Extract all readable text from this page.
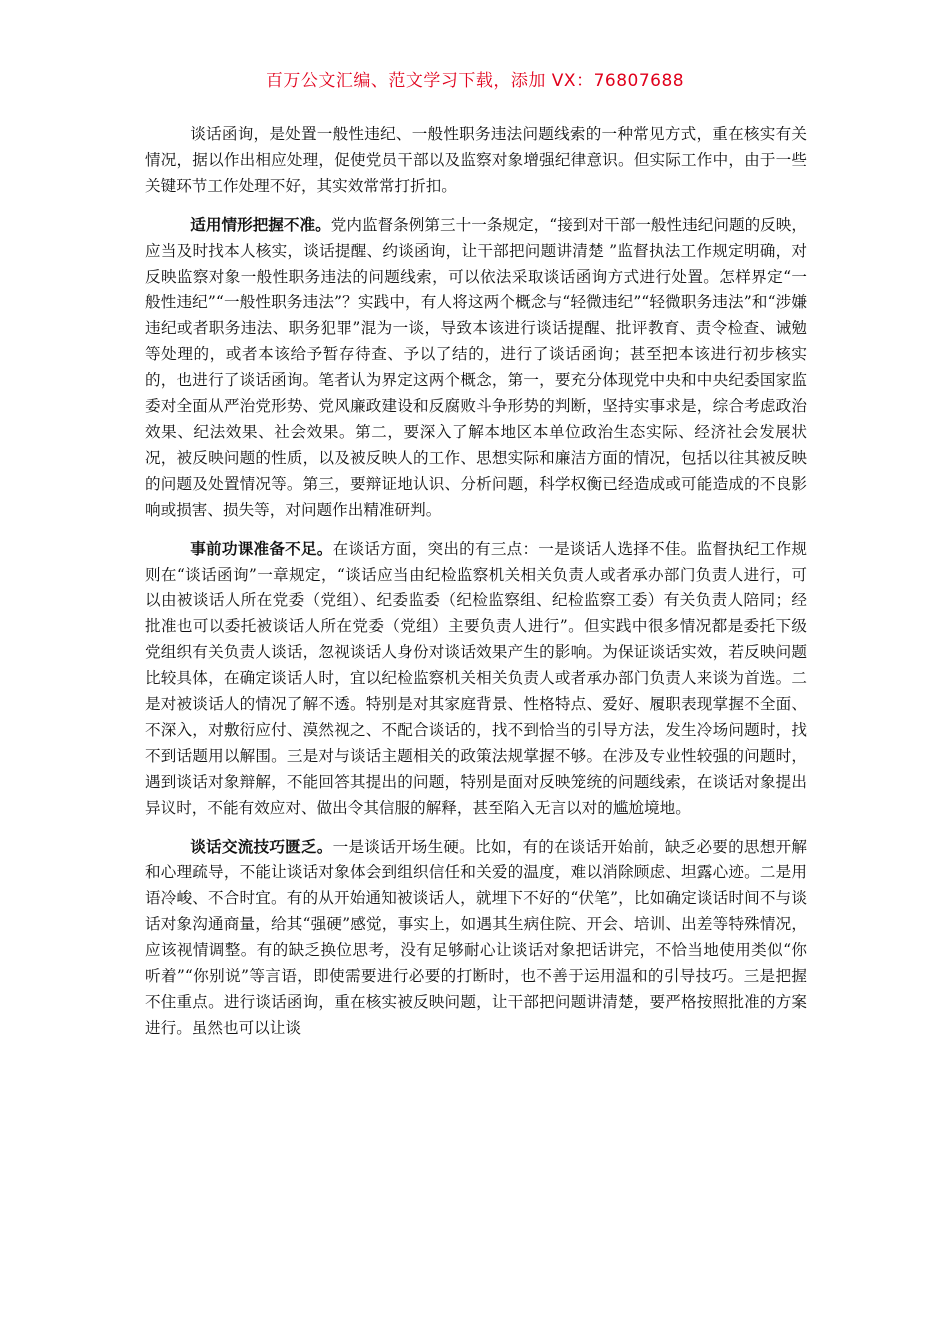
百万公文汇编、范文学习下载，添加 VX：76807688

谈话函询，是处置一般性违纪、一般性职务违法问题线索的一种常见方式，重在核实有关情况，据以作出相应处理，促使党员干部以及监察对象增强纪律意识。但实际工作中，由于一些关键环节工作处理不好，其实效常常打折扣。

适用情形把握不准。党内监督条例第三十一条规定，“接到对干部一般性违纪问题的反映，应当及时找本人核实，谈话提醒、约谈函询，让干部把问题讲清楚 ”监督执法工作规定明确，对反映监察对象一般性职务违法的问题线索，可以依法采取谈话函询方式进行处置。怎样界定“一般性违纪”“一般性职务违法”？实践中，有人将这两个概念与“轻微违纪”“轻微职务违法”和“涉嫌违纪或者职务违法、职务犯罪”混为一谈，导致本该进行谈话提醒、批评教育、责令检查、诫勉等处理的，或者本该给予暂存待查、予以了结的，进行了谈话函询；甚至把本该进行初步核实的，也进行了谈话函询。笔者认为界定这两个概念，第一，要充分体现党中央和中央纪委国家监委对全面从严治党形势、党风廉政建设和反腐败斗争形势的判断，坚持实事求是，综合考虑政治效果、纪法效果、社会效果。第二，要深入了解本地区本单位政治生态实际、经济社会发展状况，被反映问题的性质，以及被反映人的工作、思想实际和廉洁方面的情况，包括以往其被反映的问题及处置情况等。第三，要辩证地认识、分析问题，科学权衡已经造成或可能造成的不良影响或损害、损失等，对问题作出精准研判。

事前功课准备不足。在谈话方面，突出的有三点：一是谈话人选择不佳。监督执纪工作规则在“谈话函询”一章规定，“谈话应当由纪检监察机关相关负责人或者承办部门负责人进行，可以由被谈话人所在党委（党组）、纪委监委（纪检监察组、纪检监察工委）有关负责人陪同；经批准也可以委托被谈话人所在党委（党组）主要负责人进行”。但实践中很多情况都是委托下级党组织有关负责人谈话，忽视谈话人身份对谈话效果产生的影响。为保证谈话实效，若反映问题比较具体，在确定谈话人时，宜以纪检监察机关相关负责人或者承办部门负责人来谈为首选。二是对被谈话人的情况了解不透。特别是对其家庭背景、性格特点、爱好、履职表现掌握不全面、不深入，对敷衍应付、漠然视之、不配合谈话的，找不到恰当的引导方法，发生冷场问题时，找不到话题用以解围。三是对与谈话主题相关的政策法规掌握不够。在涉及专业性较强的问题时，遇到谈话对象辩解，不能回答其提出的问题，特别是面对反映笼统的问题线索，在谈话对象提出异议时，不能有效应对、做出令其信服的解释，甚至陷入无言以对的尴尬境地。

谈话交流技巧匮乏。一是谈话开场生硬。比如，有的在谈话开始前，缺乏必要的思想开解和心理疏导，不能让谈话对象体会到组织信任和关爱的温度，难以消除顾虑、坦露心迹。二是用语冷峻、不合时宜。有的从开始通知被谈话人，就埋下不好的“伏笔”，比如确定谈话时间不与谈话对象沟通商量，给其“强硬”感觉，事实上，如遇其生病住院、开会、培训、出差等特殊情况，应该视情调整。有的缺乏换位思考，没有足够耐心让谈话对象把话讲完，不恰当地使用类似“你听着”“你别说”等言语，即使需要进行必要的打断时，也不善于运用温和的引导技巧。三是把握不住重点。进行谈话函询，重在核实被反映问题，让干部把问题讲清楚，要严格按照批准的方案进行。虽然也可以让谈
